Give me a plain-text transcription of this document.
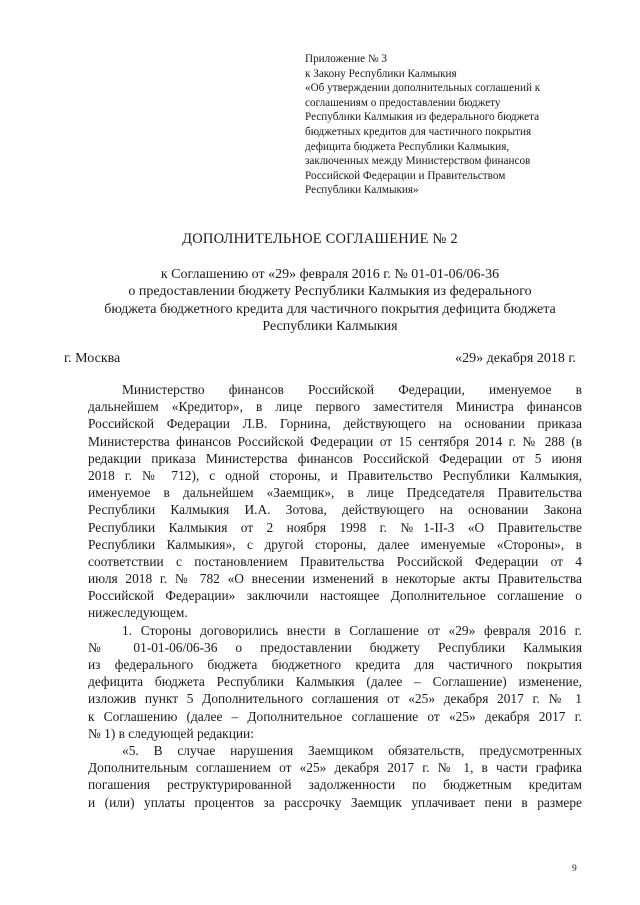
Приложение № 3
к Закону Республики Калмыкия
«Об утверждении дополнительных соглашений к
соглашениям о предоставлении бюджету
Республики Калмыкия из федерального бюджета
бюджетных кредитов для частичного покрытия
дефицита бюджета Республики Калмыкия,
заключенных между Министерством финансов
Российской Федерации и Правительством
Республики Калмыкия»
ДОПОЛНИТЕЛЬНОЕ СОГЛАШЕНИЕ № 2
к Соглашению от «29» февраля 2016 г. № 01-01-06/06-36
о предоставлении бюджету Республики Калмыкия из федерального
бюджета бюджетного кредита для частичного покрытия дефицита бюджета
Республики Калмыкия
г. Москва	«29» декабря 2018 г.
Министерство финансов Российской Федерации, именуемое в
дальнейшем «Кредитор», в лице первого заместителя Министра финансов
Российской Федерации Л.В. Горнина, действующего на основании приказа
Министерства финансов Российской Федерации от 15 сентября 2014 г. № 288 (в
редакции приказа Министерства финансов Российской Федерации от 5 июня
2018 г. № 712), с одной стороны, и Правительство Республики Калмыкия,
именуемое в дальнейшем «Заемщик», в лице Председателя Правительства
Республики Калмыкия И.А. Зотова, действующего на основании Закона
Республики Калмыкия от 2 ноября 1998 г. №1-II-З «О Правительстве
Республики Калмыкия», с другой стороны, далее именуемые «Стороны», в
соответствии с постановлением Правительства Российской Федерации от 4
июля 2018 г. № 782 «О внесении изменений в некоторые акты Правительства
Российской Федерации» заключили настоящее Дополнительное соглашение о
нижеследующем.
1. Стороны договорились внести в Соглашение от «29» февраля 2016 г.
№ 01-01-06/06-36 о предоставлении бюджету Республики Калмыкия
из федерального бюджета бюджетного кредита для частичного покрытия
дефицита бюджета Республики Калмыкия (далее – Соглашение) изменение,
изложив пункт 5 Дополнительного соглашения от «25» декабря 2017 г. № 1
к Соглашению (далее – Дополнительное соглашение от «25» декабря 2017 г.
№ 1) в следующей редакции:
«5. В случае нарушения Заемщиком обязательств, предусмотренных
Дополнительным соглашением от «25» декабря 2017 г. № 1, в части графика
погашения реструктурированной задолженности по бюджетным кредитам
и (или) уплаты процентов за рассрочку Заемщик уплачивает пени в размере
9
